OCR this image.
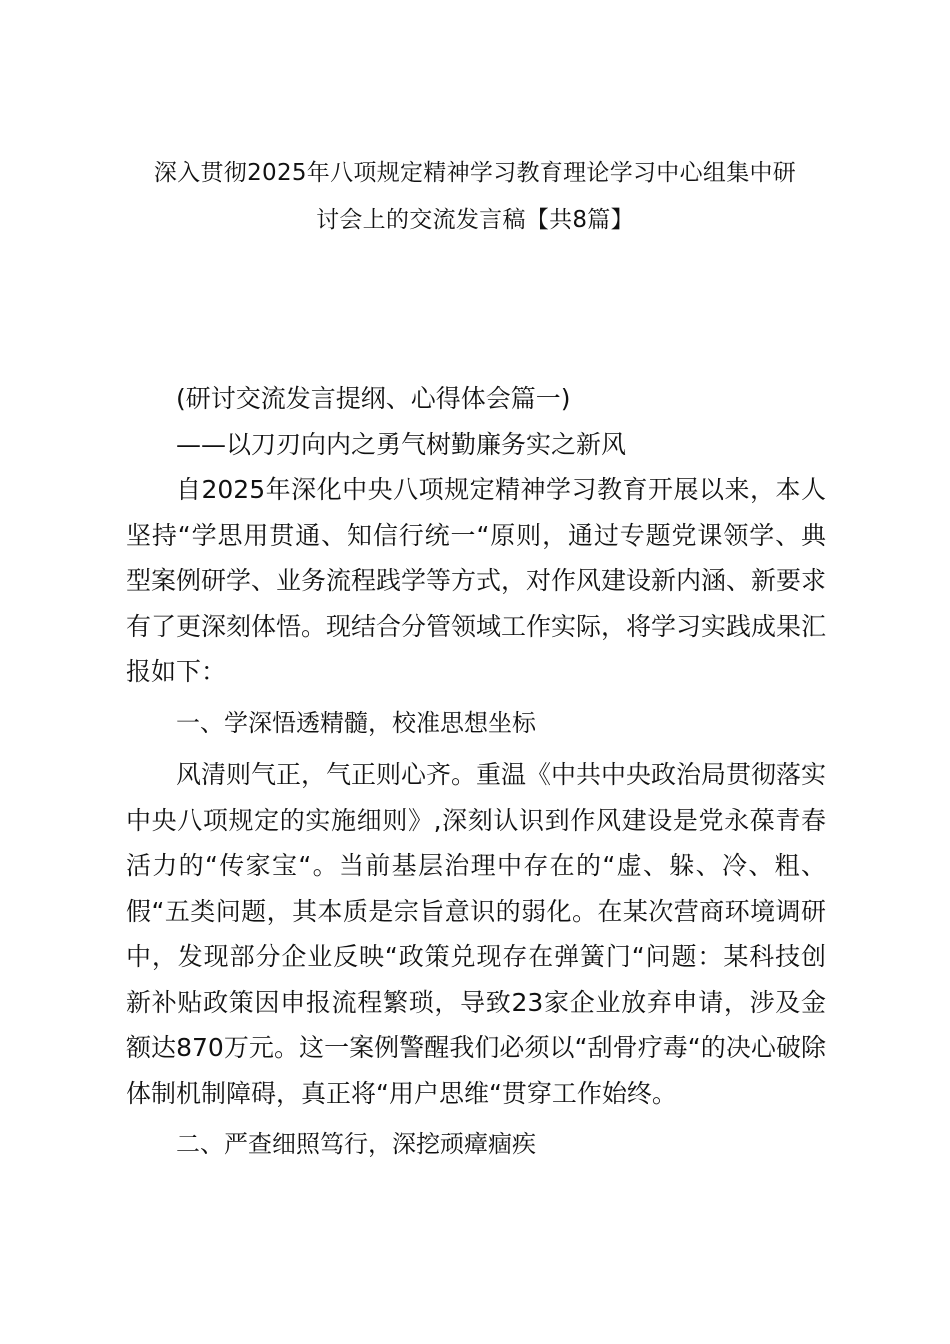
深入贯彻2025年八项规定精神学习教育理论学习中心组集中研
讨会上的交流发言稿【共8篇】

(研讨交流发言提纲、心得体会篇一)

——以刀刃向内之勇气树勤廉务实之新风

自2025年深化中央八项规定精神学习教育开展以来，本人坚持“学思用贯通、知信行统一“原则，通过专题党课领学、典型案例研学、业务流程践学等方式，对作风建设新内涵、新要求有了更深刻体悟。现结合分管领域工作实际，将学习实践成果汇报如下：

一、学深悟透精髓，校准思想坐标

风清则气正，气正则心齐。重温《中共中央政治局贯彻落实中央八项规定的实施细则》,深刻认识到作风建设是党永葆青春活力的“传家宝“。当前基层治理中存在的“虚、躲、冷、粗、假“五类问题，其本质是宗旨意识的弱化。在某次营商环境调研中，发现部分企业反映“政策兑现存在弹簧门“问题：某科技创新补贴政策因申报流程繁琐，导致23家企业放弃申请，涉及金额达870万元。这一案例警醒我们必须以“刮骨疗毒“的决心破除体制机制障碍，真正将“用户思维“贯穿工作始终。

二、严查细照笃行，深挖顽瘴痼疾
